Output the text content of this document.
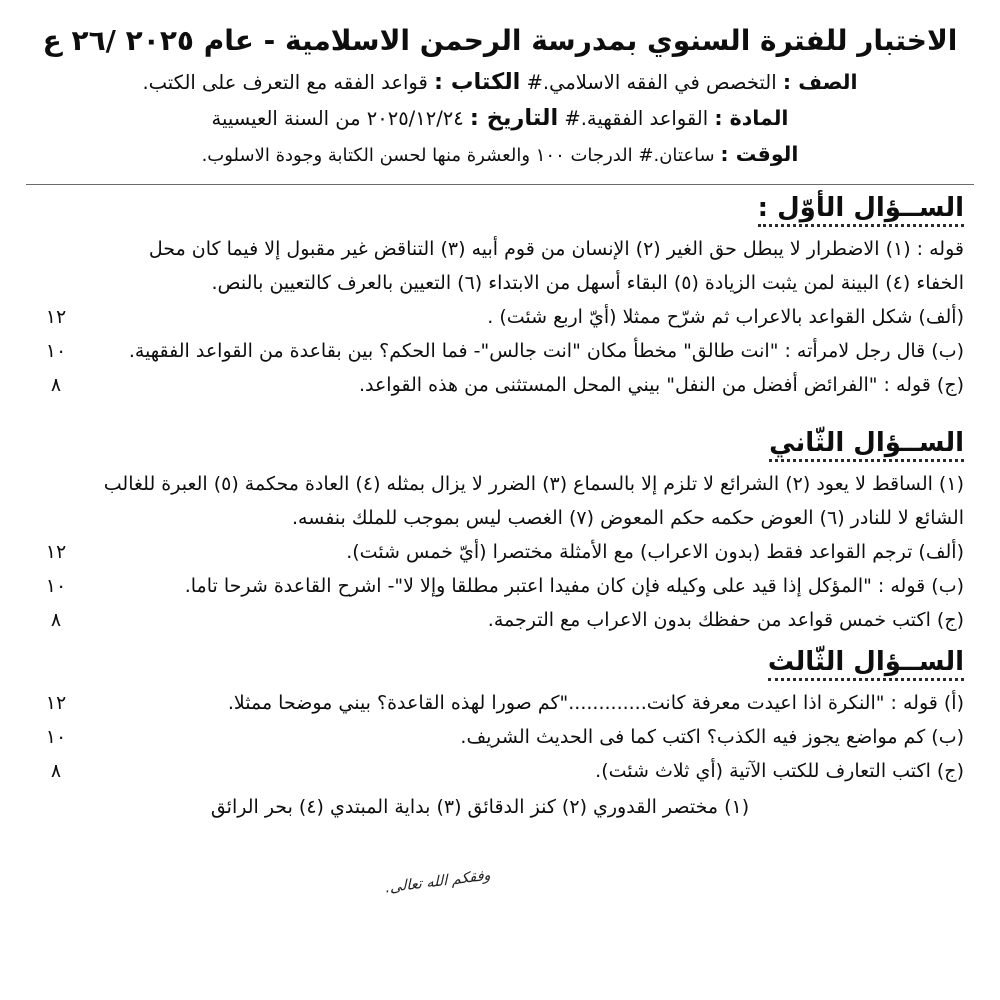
الاختبار للفترة السنوي بمدرسة الرحمن الاسلامية - عام ٢٠٢٥ /٢٦ ع
الصف : التخصص في الفقه الاسلامي.# الكتاب : قواعد الفقه مع التعرف على الكتب.
المادة : القواعد الفقهية.# التاريخ : ٢٠٢٥/١٢/٢٤ من السنة العيسيية
الوقت : ساعتان.# الدرجات ١٠٠ والعشرة منها لحسن الكتابة وجودة الاسلوب.
الســؤال الأوّل :

قوله : (١) الاضطرار لا يبطل حق الغير (٢) الإنسان من قوم أبيه (٣) التناقض غير مقبول إلا فيما كان محل

الخفاء (٤) البينة لمن يثبت الزيادة (٥) البقاء أسهل من الابتداء (٦) التعيين بالعرف كالتعيين بالنص.

(ألف) شكل القواعد بالاعراب ثم شرّح ممثلا (أيّ اربع شئت) .

١٢

(ب) قال رجل لامرأته : "انت طالق" مخطأ مكان "انت جالس"- فما الحكم؟ بين بقاعدة من القواعد الفقهية.

١٠

(ج) قوله : "الفرائض أفضل من النفل" بيني المحل المستثنى من هذه القواعد.

٨
الســؤال الثّاني

(١) الساقط لا يعود (٢) الشرائع لا تلزم إلا بالسماع (٣) الضرر لا يزال بمثله (٤) العادة محكمة (٥) العبرة للغالب

الشائع لا للنادر (٦) العوض حكمه حكم المعوض (٧) الغصب ليس بموجب للملك بنفسه.

(ألف) ترجم القواعد فقط (بدون الاعراب) مع الأمثلة مختصرا (أيّ خمس شئت).

١٢

(ب) قوله : "المؤكل إذا قيد على وكيله فإن كان مفيدا اعتبر مطلقا وإلا لا"- اشرح القاعدة شرحا تاما.

١٠

(ج) اكتب خمس قواعد من حفظك بدون الاعراب مع الترجمة.

٨
الســؤال الثّالث

(أ) قوله : "النكرة اذا اعيدت معرفة كانت............."كم صورا لهذه القاعدة؟ بيني موضحا ممثلا.

١٢

(ب) كم مواضع يجوز فيه الكذب؟ اكتب كما فى الحديث الشريف.

١٠

(ج) اكتب التعارف للكتب الآتية (أي ثلاث شئت).

٨

(١) مختصر القدوري (٢) كنز الدقائق (٣) بداية المبتدي (٤) بحر الرائق

وفقكم الله تعالى.
